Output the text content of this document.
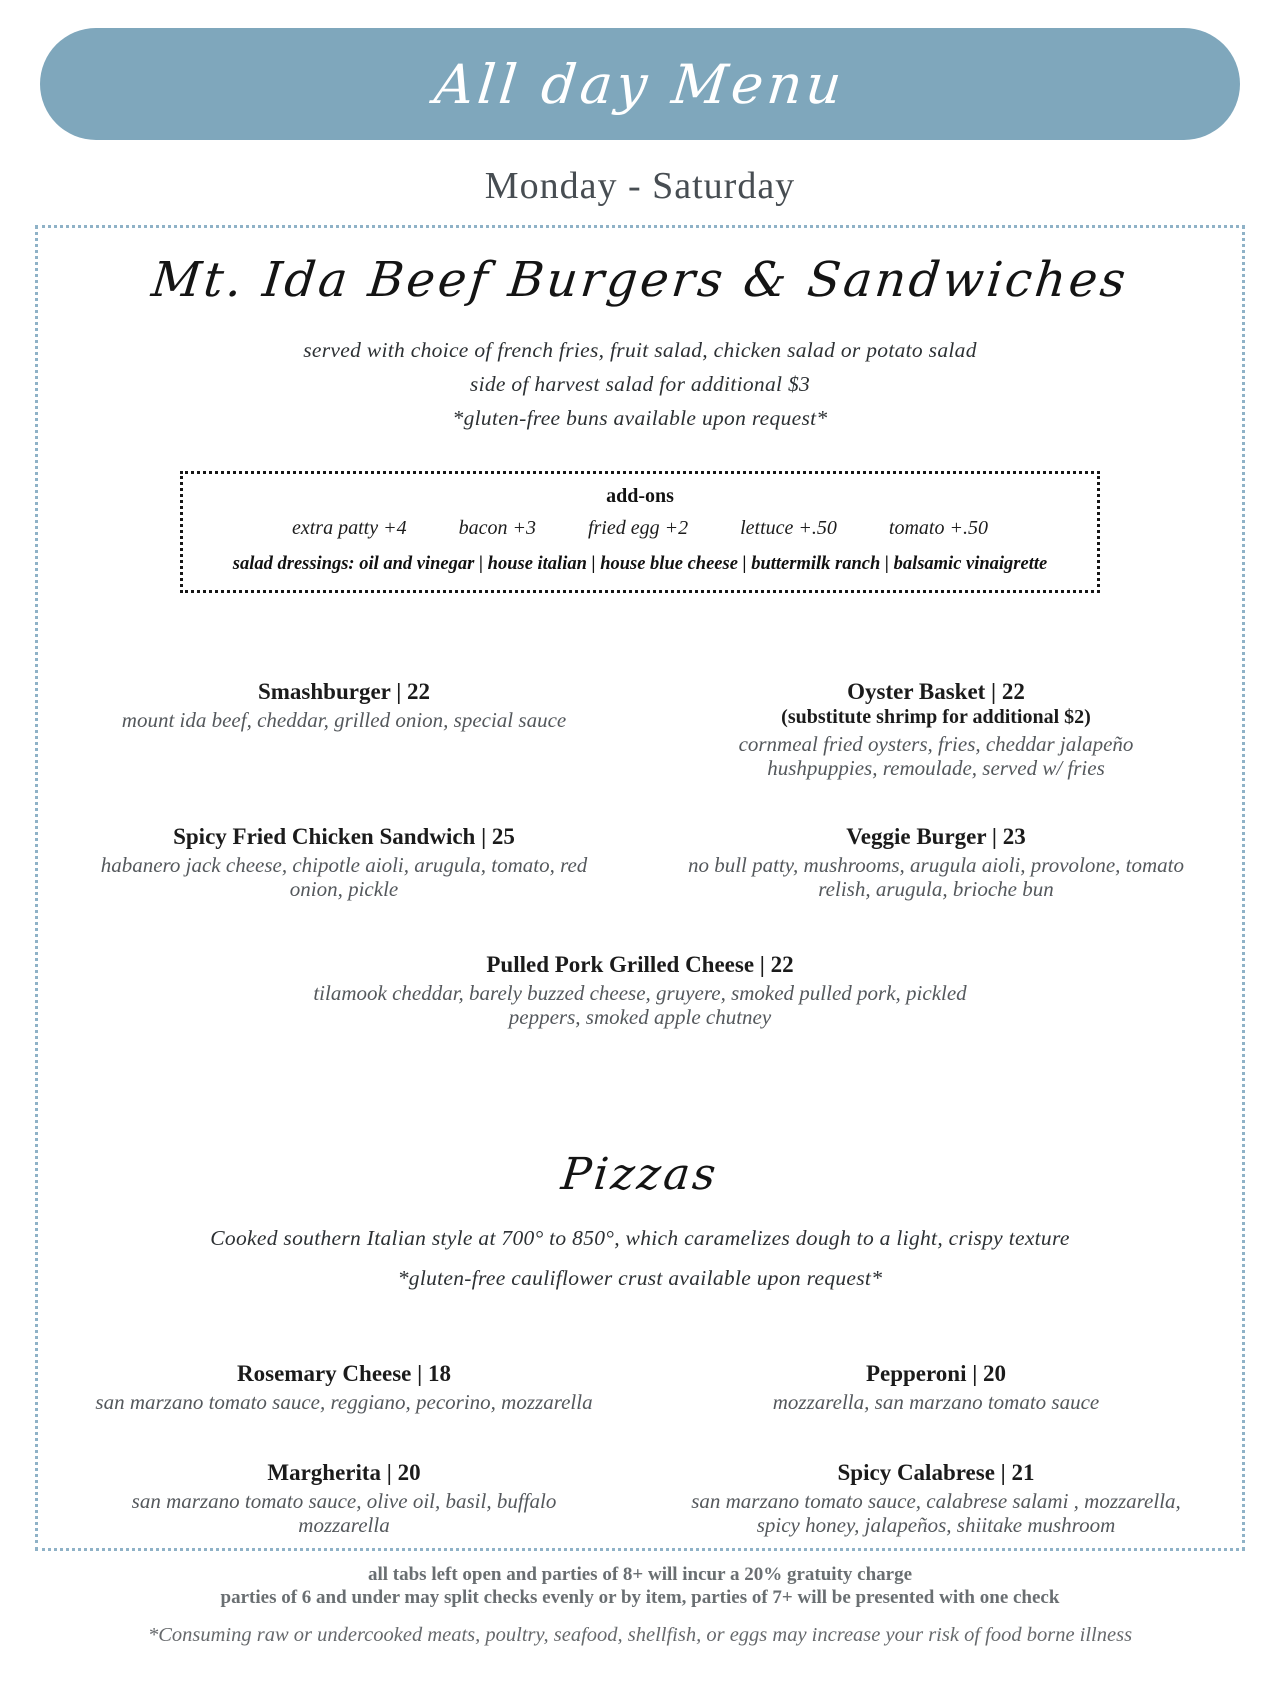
All day Menu
Monday - Saturday
Mt. Ida Beef Burgers & Sandwiches
served with choice of french fries, fruit salad, chicken salad or potato salad
side of harvest salad for additional $3
*gluten-free buns available upon request*
add-ons
extra patty +4	bacon +3	fried egg +2	lettuce +.50	tomato +.50
salad dressings: oil and vinegar | house italian | house blue cheese | buttermilk ranch | balsamic vinaigrette
Smashburger | 22
mount ida beef, cheddar, grilled onion, special sauce
Oyster Basket | 22
(substitute shrimp for additional $2)
cornmeal fried oysters, fries, cheddar jalapeño hushpuppies, remoulade, served w/ fries
Spicy Fried Chicken Sandwich | 25
habanero jack cheese, chipotle aioli, arugula, tomato, red onion, pickle
Veggie Burger | 23
no bull patty, mushrooms, arugula aioli, provolone, tomato relish, arugula, brioche bun
Pulled Pork Grilled Cheese | 22
tilamook cheddar, barely buzzed cheese, gruyere, smoked pulled pork, pickled peppers, smoked apple chutney
Pizzas
Cooked southern Italian style at 700° to 850°, which caramelizes dough to a light, crispy texture
*gluten-free cauliflower crust available upon request*
Rosemary Cheese | 18
san marzano tomato sauce, reggiano, pecorino, mozzarella
Pepperoni | 20
mozzarella, san marzano tomato sauce
Margherita | 20
san marzano tomato sauce, olive oil, basil, buffalo mozzarella
Spicy Calabrese | 21
san marzano tomato sauce, calabrese salami , mozzarella, spicy honey, jalapeños, shiitake mushroom
all tabs left open and parties of 8+ will incur a 20% gratuity charge
parties of 6 and under may split checks evenly or by item, parties of 7+ will be presented with one check
*Consuming raw or undercooked meats, poultry, seafood, shellfish, or eggs may increase your risk of food borne illness
